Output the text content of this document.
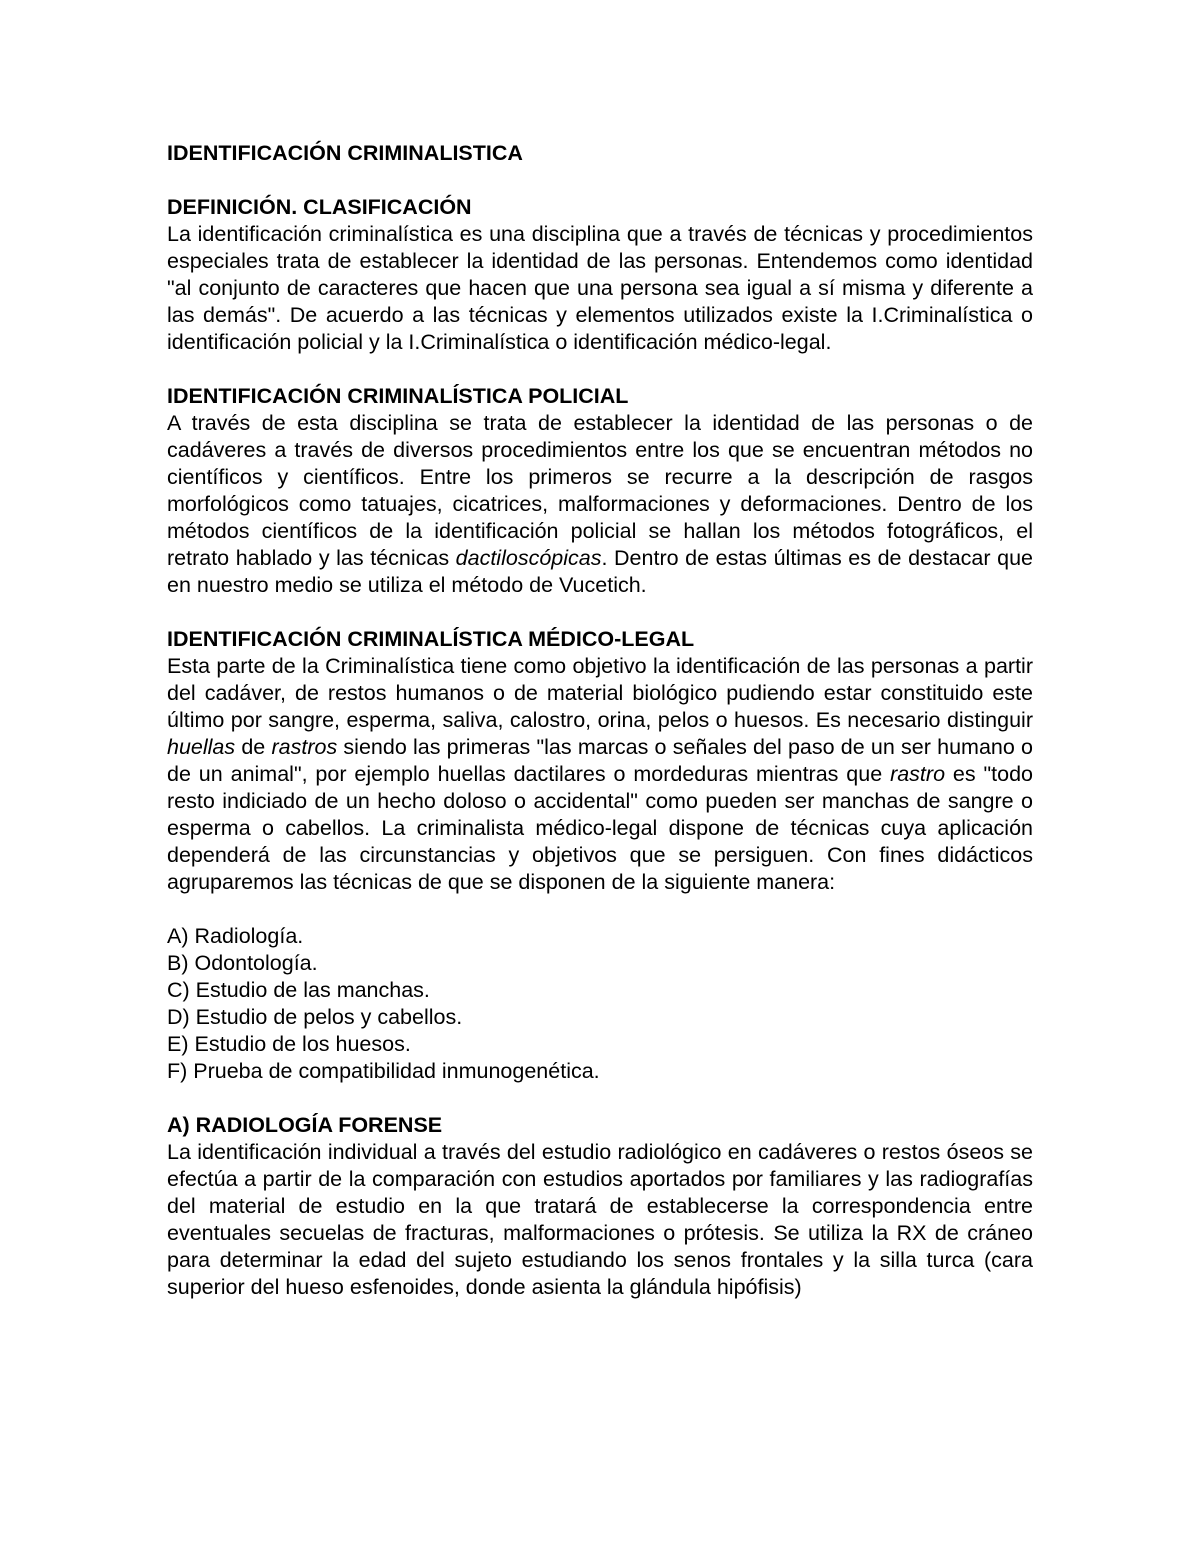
IDENTIFICACIÓN CRIMINALISTICA

DEFINICIÓN. CLASIFICACIÓN

La identificación criminalística es una disciplina que a través de técnicas y procedimientos especiales trata de establecer la identidad de las personas. Entendemos como identidad "al conjunto de caracteres que hacen que una persona sea igual a sí misma y diferente a las demás". De acuerdo a las técnicas y elementos utilizados existe la I.Criminalística o identificación policial y la I.Criminalística o identificación médico-legal.

IDENTIFICACIÓN CRIMINALÍSTICA POLICIAL

A través de esta disciplina se trata de establecer la identidad de las personas o de cadáveres a través de diversos procedimientos entre los que se encuentran métodos no científicos y científicos. Entre los primeros se recurre a la descripción de rasgos morfológicos como tatuajes, cicatrices, malformaciones y deformaciones. Dentro de los métodos científicos de la identificación policial se hallan los métodos fotográficos, el retrato hablado y las técnicas dactiloscópicas. Dentro de estas últimas es de destacar que en nuestro medio se utiliza el método de Vucetich.

IDENTIFICACIÓN CRIMINALÍSTICA MÉDICO-LEGAL

Esta parte de la Criminalística tiene como objetivo la identificación de las personas a partir del cadáver, de restos humanos o de material biológico pudiendo estar constituido este último por sangre, esperma, saliva, calostro, orina, pelos o huesos. Es necesario distinguir huellas de rastros siendo las primeras "las marcas o señales del paso de un ser humano o de un animal", por ejemplo huellas dactilares o mordeduras mientras que rastro es "todo resto indiciado de un hecho doloso o accidental" como pueden ser manchas de sangre o esperma o cabellos. La criminalista médico-legal dispone de técnicas cuya aplicación dependerá de las circunstancias y objetivos que se persiguen. Con fines didácticos agruparemos las técnicas de que se disponen de la siguiente manera:

A) Radiología.
B) Odontología.
C) Estudio de las manchas.
D) Estudio de pelos y cabellos.
E) Estudio de los huesos.
F) Prueba de compatibilidad inmunogenética.

A) RADIOLOGÍA FORENSE

La identificación individual a través del estudio radiológico en cadáveres o restos óseos se efectúa a partir de la comparación con estudios aportados por familiares y las radiografías del material de estudio en la que tratará de establecerse la correspondencia entre eventuales secuelas de fracturas, malformaciones o prótesis. Se utiliza la RX de cráneo para determinar la edad del sujeto estudiando los senos frontales y la silla turca (cara superior del hueso esfenoides, donde asienta la glándula hipófisis)
